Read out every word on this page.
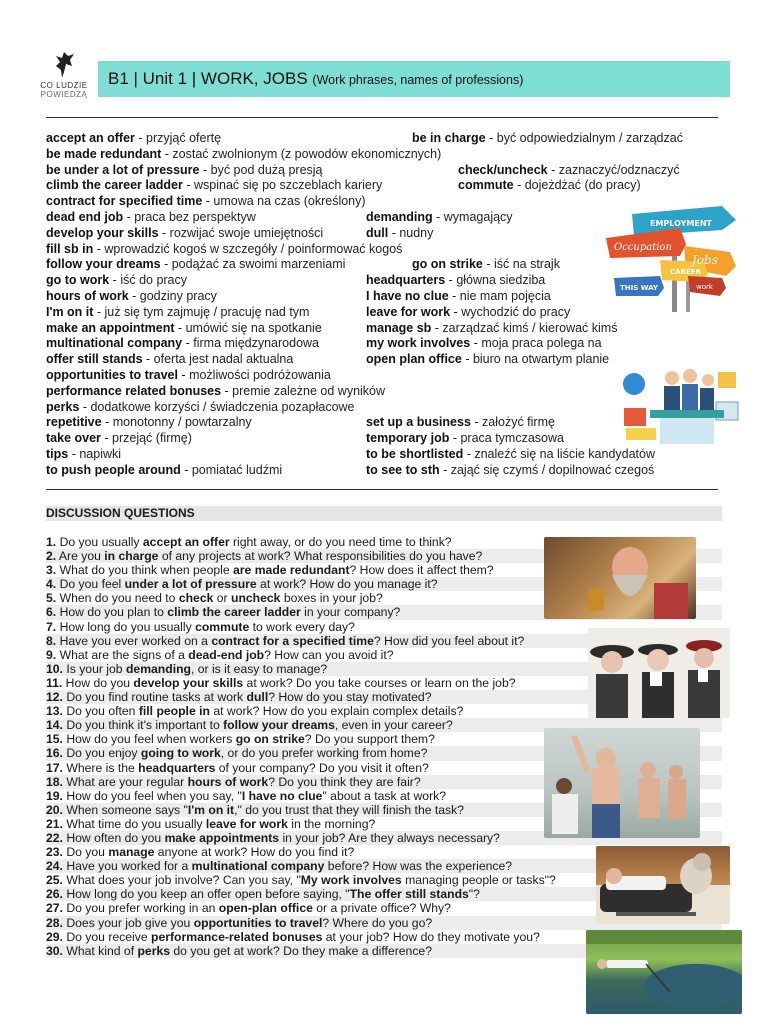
CO LUDZIE
POWIEDZĄ
B1 | Unit 1 | WORK, JOBS (Work phrases, names of professions)
accept an offer - przyjąć ofertę
be made redundant - zostać zwolnionym (z powodów ekonomicznych)
be under a lot of pressure - być pod dużą presją
climb the career ladder - wspinać się po szczeblach kariery
contract for specified time - umowa na czas (określony)
dead end job - praca bez perspektyw
develop your skills - rozwijać swoje umiejętności
fill sb in - wprowadzić kogoś w szczegóły / poinformować kogoś
follow your dreams - podążać za swoimi marzeniami
go to work - iść do pracy
hours of work - godziny pracy
I'm on it - już się tym zajmuję / pracuję nad tym
make an appointment - umówić się na spotkanie
multinational company - firma międzynarodowa
offer still stands - oferta jest nadal aktualna
opportunities to travel - możliwości podróżowania
performance related bonuses - premie zależne od wyników
perks - dodatkowe korzyści / świadczenia pozapłacowe
repetitive - monotonny / powtarzalny
take over - przejąć (firmę)
tips - napiwki
to push people around - pomiatać ludźmi
be in charge - być odpowiedzialnym / zarządzać
check/uncheck - zaznaczyć/odznaczyć
commute - dojeżdżać (do pracy)
demanding - wymagający
dull - nudny
go on strike - iść na strajk
headquarters - główna siedziba
I have no clue - nie mam pojęcia
leave for work - wychodzić do pracy
manage sb - zarządzać kimś / kierować kimś
my work involves - moja praca polega na
open plan office - biuro na otwartym planie
set up a business - założyć firmę
temporary job - praca tymczasowa
to be shortlisted - znaleźć się na liście kandydatów
to see to sth - zająć się czymś / dopilnować czegoś
EMPLOYMENT
Occupation
Jobs
CAREER
THIS WAY	work
DISCUSSION QUESTIONS
1. Do you usually accept an offer right away, or do you need time to think?
2. Are you in charge of any projects at work? What responsibilities do you have?
3. What do you think when people are made redundant? How does it affect them?
4. Do you feel under a lot of pressure at work? How do you manage it?
5. When do you need to check or uncheck boxes in your job?
6. How do you plan to climb the career ladder in your company?
7. How long do you usually commute to work every day?
8. Have you ever worked on a contract for a specified time? How did you feel about it?
9. What are the signs of a dead-end job? How can you avoid it?
10. Is your job demanding, or is it easy to manage?
11. How do you develop your skills at work? Do you take courses or learn on the job?
12. Do you find routine tasks at work dull? How do you stay motivated?
13. Do you often fill people in at work? How do you explain complex details?
14. Do you think it's important to follow your dreams, even in your career?
15. How do you feel when workers go on strike? Do you support them?
16. Do you enjoy going to work, or do you prefer working from home?
17. Where is the headquarters of your company? Do you visit it often?
18. What are your regular hours of work? Do you think they are fair?
19. How do you feel when you say, "I have no clue" about a task at work?
20. When someone says "I'm on it," do you trust that they will finish the task?
21. What time do you usually leave for work in the morning?
22. How often do you make appointments in your job? Are they always necessary?
23. Do you manage anyone at work? How do you find it?
24. Have you worked for a multinational company before? How was the experience?
25. What does your job involve? Can you say, "My work involves managing people or tasks"?
26. How long do you keep an offer open before saying, "The offer still stands"?
27. Do you prefer working in an open-plan office or a private office? Why?
28. Does your job give you opportunities to travel? Where do you go?
29. Do you receive performance-related bonuses at your job? How do they motivate you?
30. What kind of perks do you get at work? Do they make a difference?
